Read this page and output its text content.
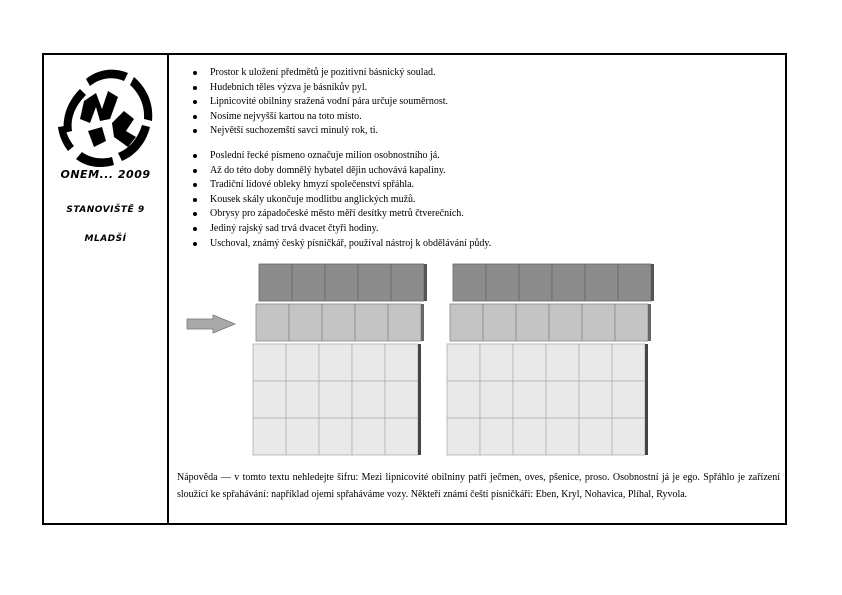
ONEM... 2009
STANOVIŠTĚ 9
MLADŠÍ
Prostor k uložení předmětů je pozitivní básnický soulad.
Hudebních těles výzva je básníkův pyl.
Lipnicovité obilniny sražená vodní pára určuje souměrnost.
Nosíme nejvyšší kartou na toto místo.
Největší suchozemští savci minulý rok, ti.
Poslední řecké písmeno označuje milion osobnostního já.
Až do této doby domnělý hybatel dějin uchovává kapaliny.
Tradiční lidové obleky hmyzí společenství spřáhla.
Kousek skály ukončuje modlitbu anglických mužů.
Obrysy pro západočeské město měří desítky metrů čtverečních.
Jediný rajský sad trvá dvacet čtyři hodiny.
Uschoval, známý český písničkář, používal nástroj k obdělávání půdy.
Nápověda — v tomto textu nehledejte šifru: Mezi lipnicovité obilniny patří ječmen, oves, pšenice, proso. Osobnostní já je ego. Spřáhlo je zařízení sloužící ke spřahávání: například ojemi spřaháváme vozy. Někteří známí čeští písničkáři: Eben, Kryl, Nohavica, Plíhal, Ryvola.
